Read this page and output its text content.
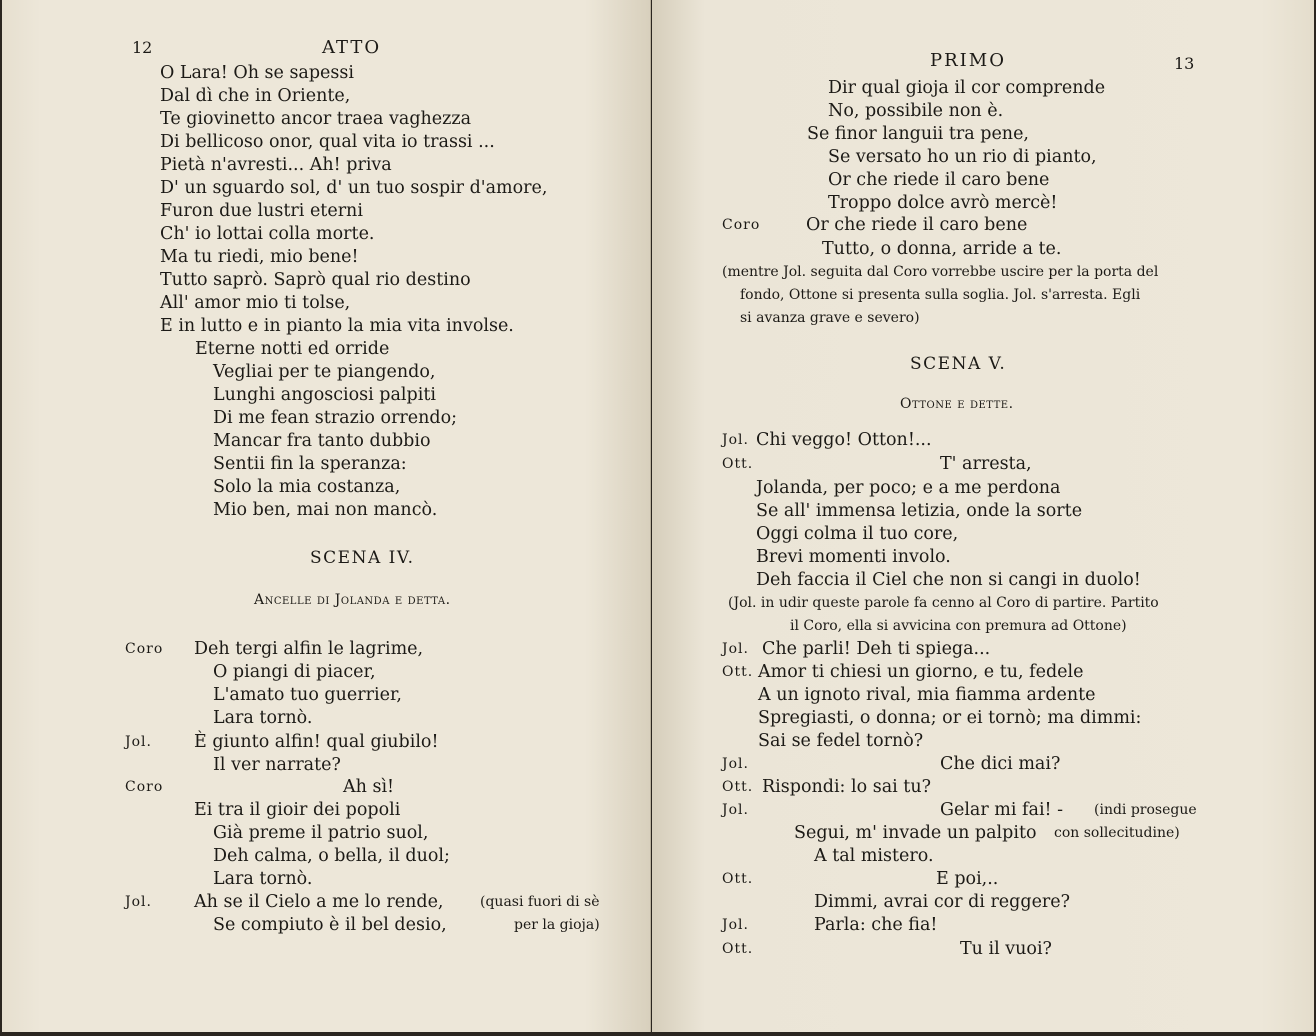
12	ATTO
O Lara! Oh se sapessi
Dal dì che in Oriente,
Te giovinetto ancor traea vaghezza
Di bellicoso onor, qual vita io trassi ...
Pietà n'avresti... Ah! priva
D' un sguardo sol, d' un tuo sospir d'amore,
Furon due lustri eterni
Ch' io lottai colla morte.
Ma tu riedi, mio bene!
Tutto saprò. Saprò qual rio destino
All' amor mio ti tolse,
E in lutto e in pianto la mia vita involse.
Eterne notti ed orride
Vegliai per te piangendo,
Lunghi angosciosi palpiti
Di me fean strazio orrendo;
Mancar fra tanto dubbio
Sentii fin la speranza:
Solo la mia costanza,
Mio ben, mai non mancò.
SCENA IV.
Ancelle di Jolanda e detta.
Coro Deh tergi alfin le lagrime,
O piangi di piacer,
L'amato tuo guerrier,
Lara tornò.
Jol. È giunto alfin! qual giubilo!
Il ver narrate?
Coro	Ah sì!
Ei tra il gioir dei popoli
Già preme il patrio suol,
Deh calma, o bella, il duol;
Lara tornò.
Jol. Ah se il Cielo a me lo rende,
Se compiuto è il bel desio,
(quasi fuori di sè
per la gioja)
PRIMO	13
Dir qual gioja il cor comprende
No, possibile non è.
Se finor languii tra pene,
Se versato ho un rio di pianto,
Or che riede il caro bene
Troppo dolce avrò mercè!
Coro	Or che riede il caro bene
Tutto, o donna, arride a te.
(mentre Jol. seguita dal Coro vorrebbe uscire per la porta del
fondo, Ottone si presenta sulla soglia. Jol. s'arresta. Egli
si avanza grave e severo)
SCENA V.
Ottone e dette.
Jol. Chi veggo! Otton!...
Ott.	T' arresta,
Jolanda, per poco; e a me perdona
Se all' immensa letizia, onde la sorte
Oggi colma il tuo core,
Brevi momenti involo.
Deh faccia il Ciel che non si cangi in duolo!
(Jol. in udir queste parole fa cenno al Coro di partire. Partito
il Coro, ella si avvicina con premura ad Ottone)
Jol. Che parli! Deh ti spiega...
Ott. Amor ti chiesi un giorno, e tu, fedele
A un ignoto rival, mia fiamma ardente
Spregiasti, o donna; or ei tornò; ma dimmi:
Sai se fedel tornò?
Jol.	Che dici mai?
Ott. Rispondi: lo sai tu?
Jol.	Gelar mi fai! - (indi prosegue
Segui, m' invade un palpito con sollecitudine)
A tal mistero.
Ott.	E poi,..
Dimmi, avrai cor di reggere?
Jol.	Parla: che fia!
Ott.	Tu il vuoi?
